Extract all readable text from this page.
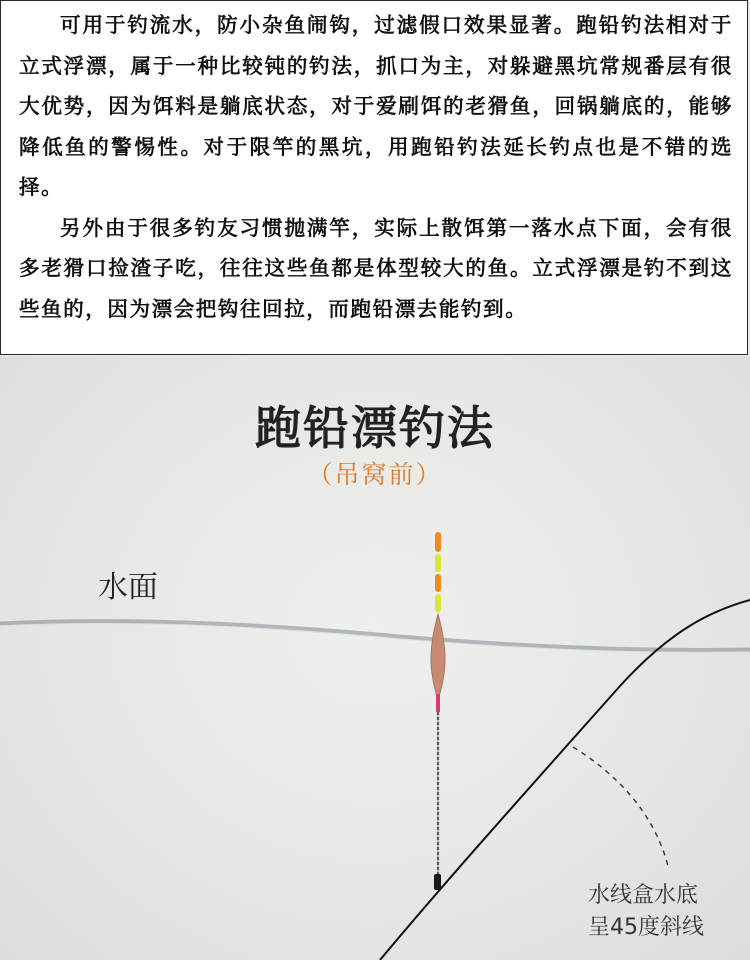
可用于钓流水，防小杂鱼闹钩，过滤假口效果显著。跑铅钓法相对于立式浮漂，属于一种比较钝的钓法，抓口为主，对躲避黑坑常规番层有很大优势，因为饵料是躺底状态，对于爱刷饵的老猾鱼，回锅躺底的，能够降低鱼的警惕性。对于限竿的黑坑，用跑铅钓法延长钓点也是不错的选择。

另外由于很多钓友习惯抛满竿，实际上散饵第一落水点下面，会有很多老猾口捡渣子吃，往往这些鱼都是体型较大的鱼。立式浮漂是钓不到这些鱼的，因为漂会把钩往回拉，而跑铅漂去能钓到。

跑铅漂钓法
（吊窝前）
水面
水线盒水底
呈45度斜线
